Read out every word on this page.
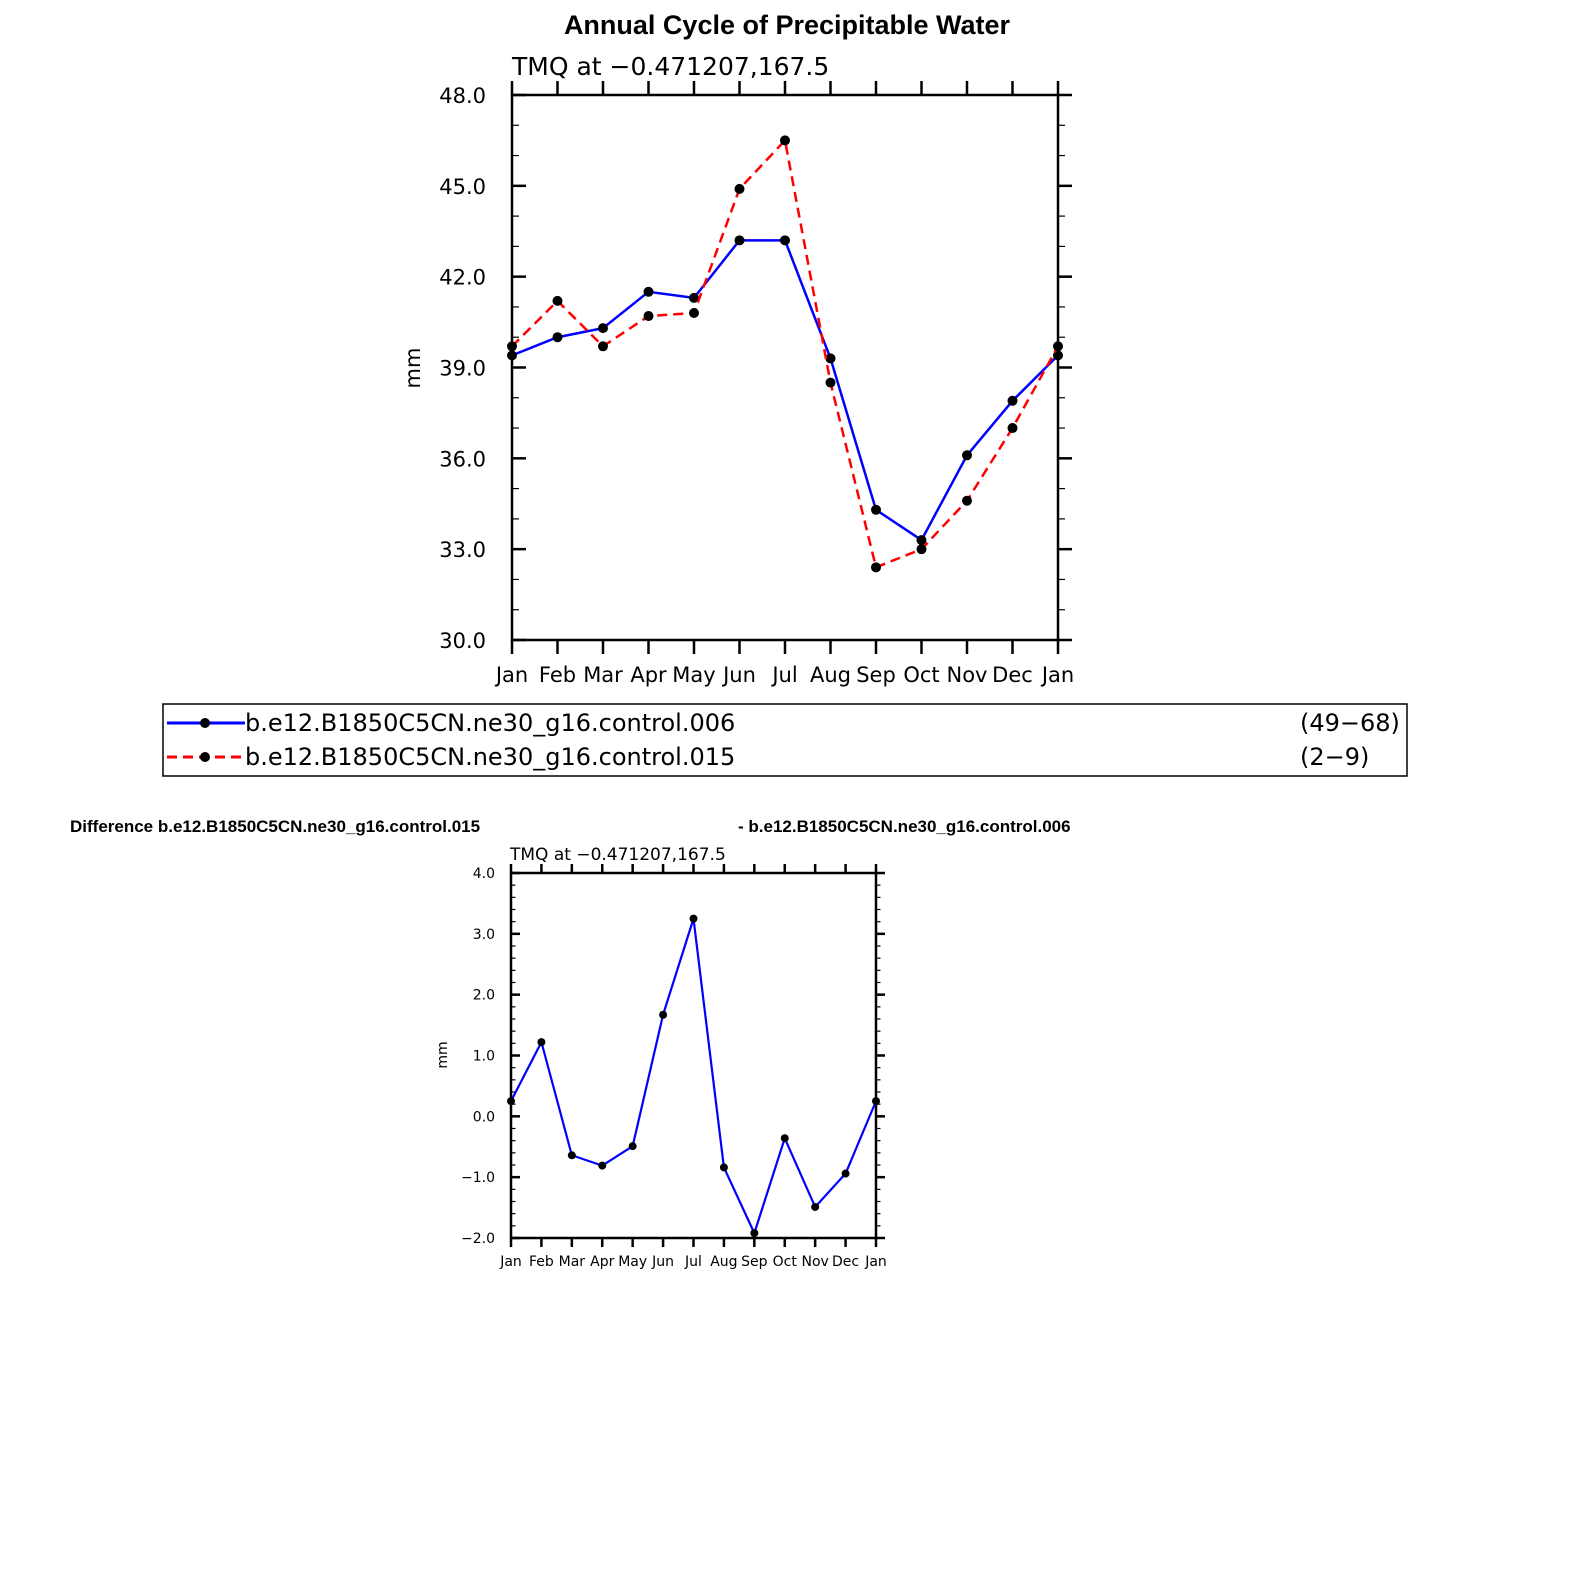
Annual Cycle of Precipitable Water
TMQ at −0.471207,167.5
mm
Jan Feb Mar Apr May Jun Jul Aug Sep Oct Nov Dec Jan
30.0
33.0
36.0
39.0
42.0
45.0
48.0
b.e12.B1850C5CN.ne30_g16.control.006	(49−68)
b.e12.B1850C5CN.ne30_g16.control.015	(2−9)
Difference b.e12.B1850C5CN.ne30_g16.control.015	- b.e12.B1850C5CN.ne30_g16.control.006
TMQ at −0.471207,167.5
mm
Jan Feb Mar Apr May Jun Jul Aug Sep Oct Nov Dec Jan
−2.0
−1.0
0.0
1.0
2.0
3.0
4.0
